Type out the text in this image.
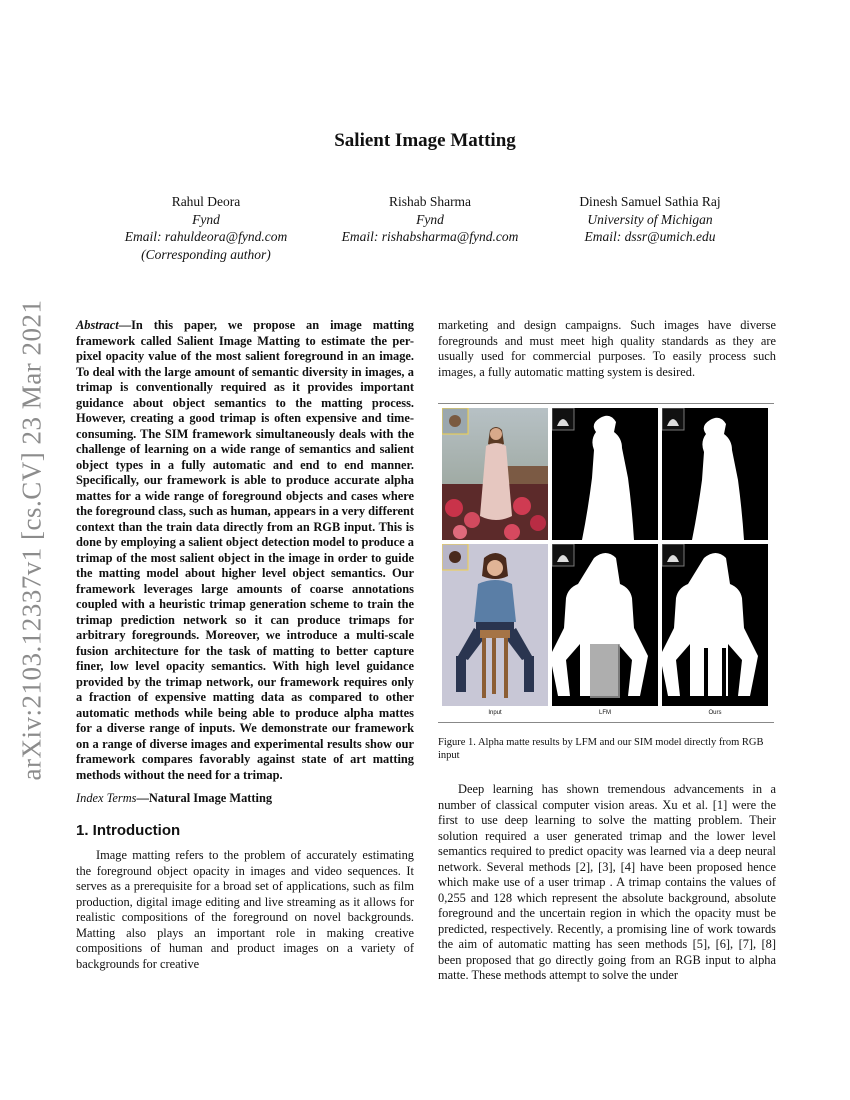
arXiv:2103.12337v1 [cs.CV] 23 Mar 2021
Salient Image Matting
Rahul Deora
Fynd
Email: rahuldeora@fynd.com
(Corresponding author)
Rishab Sharma
Fynd
Email: rishabsharma@fynd.com
Dinesh Samuel Sathia Raj
University of Michigan
Email: dssr@umich.edu

Abstract—In this paper, we propose an image matting framework called Salient Image Matting to estimate the per-pixel opacity value of the most salient foreground in an image. To deal with the large amount of semantic diversity in images, a trimap is conventionally required as it provides important guidance about object semantics to the matting process. However, creating a good trimap is often expensive and time-consuming. The SIM framework simultaneously deals with the challenge of learning on a wide range of semantics and salient object types in a fully automatic and end to end manner. Specifically, our framework is able to produce accurate alpha mattes for a wide range of foreground objects and cases where the foreground class, such as human, appears in a very different context than the train data directly from an RGB input. This is done by employing a salient object detection model to produce a trimap of the most salient object in the image in order to guide the matting model about higher level object semantics. Our framework leverages large amounts of coarse annotations coupled with a heuristic trimap generation scheme to train the trimap prediction network so it can produce trimaps for arbitrary foregrounds. Moreover, we introduce a multi-scale fusion architecture for the task of matting to better capture finer, low level opacity semantics. With high level guidance provided by the trimap network, our framework requires only a fraction of expensive matting data as compared to other automatic methods while being able to produce alpha mattes for a diverse range of inputs. We demonstrate our framework on a range of diverse images and experimental results show our framework compares favorably against state of art matting methods without the need for a trimap.

Index Terms—Natural Image Matting

1. Introduction

Image matting refers to the problem of accurately estimating the foreground object opacity in images and video sequences. It serves as a prerequisite for a broad set of applications, such as film production, digital image editing and live streaming as it allows for realistic compositions of the foreground on novel backgrounds. Matting also plays an important role in making creative compositions of human and product images on a variety of backgrounds for creative

marketing and design campaigns. Such images have diverse foregrounds and must meet high quality standards as they are usually used for commercial purposes. To easily process such images, a fully automatic matting system is desired.

Input	LFM	Ours
Figure 1. Alpha matte results by LFM and our SIM model directly from RGB input

Deep learning has shown tremendous advancements in a number of classical computer vision areas. Xu et al. [1] were the first to use deep learning to solve the matting problem. Their solution required a user generated trimap and the lower level semantics required to predict opacity was learned via a deep neural network. Several methods [2], [3], [4] have been proposed hence which make use of a user trimap . A trimap contains the values of 0,255 and 128 which represent the absolute background, absolute foreground and the uncertain region in which the opacity must be predicted, respectively. Recently, a promising line of work towards the aim of automatic matting has seen methods [5], [6], [7], [8] been proposed that go directly going from an RGB input to alpha matte. These methods attempt to solve the under
